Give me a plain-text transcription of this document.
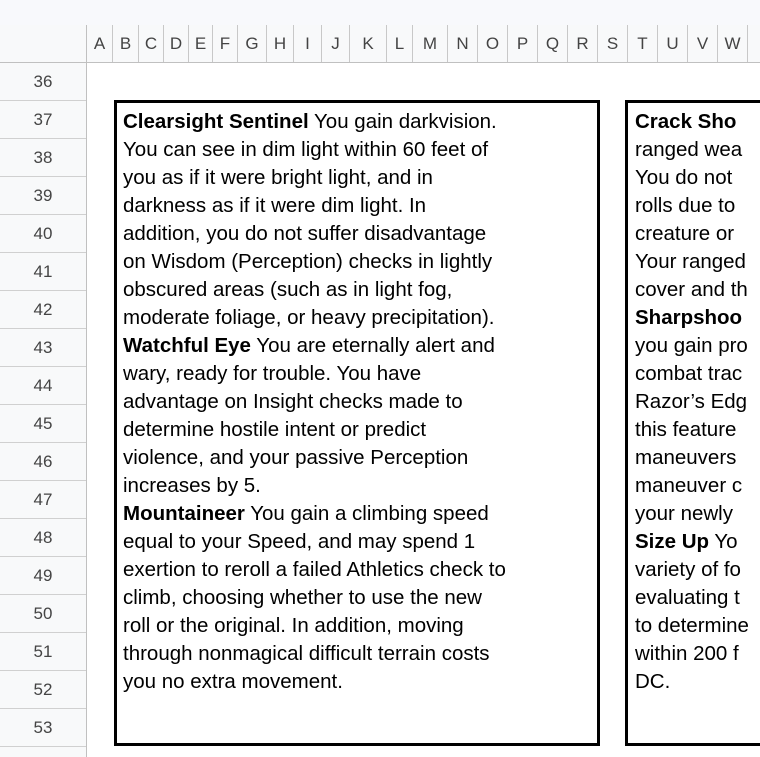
A B C D E F G H	I	J	K	L	M	N	O	P	Q	R	S	T	U	V W
36
37
38
39
40
41
42
43
44
45
46
47
48
49
50
51
52
53
Clearsight Sentinel You gain darkvision.
You can see in dim light within 60 feet of
you as if it were bright light, and in
darkness as if it were dim light. In
addition, you do not suffer disadvantage
on Wisdom (Perception) checks in lightly
obscured areas (such as in light fog,
moderate foliage, or heavy precipitation).
Watchful Eye You are eternally alert and
wary, ready for trouble. You have
advantage on Insight checks made to
determine hostile intent or predict
violence, and your passive Perception
increases by 5.
Mountaineer You gain a climbing speed
equal to your Speed, and may spend 1
exertion to reroll a failed Athletics check to
climb, choosing whether to use the new
roll or the original. In addition, moving
through nonmagical difficult terrain costs
you no extra movement.
Crack Sho
ranged wea
You do not
rolls due to
creature or
Your ranged
cover and th
Sharpshoo
you gain pro
combat trac
Razor’s Edg
this feature
maneuvers
maneuver c
your newly
Size Up Yo
variety of fo
evaluating t
to determine
within 200 f
DC.
